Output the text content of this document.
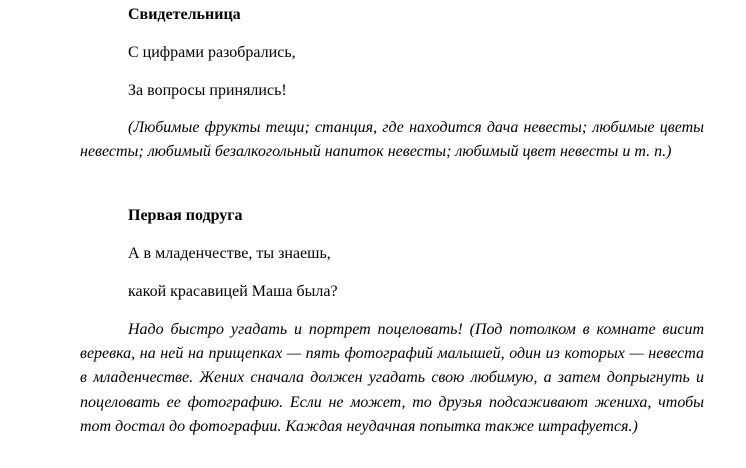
Свидетельница
С цифрами разобрались,
За вопросы принялись!
(Любимые фрукты тещи; станция, где находится дача невесты; любимые цветы невесты; любимый безалкогольный напиток невесты; любимый цвет невесты и т. п.)
Первая подруга
А в младенчестве, ты знаешь,
какой красавицей Маша была?
Надо быстро угадать и портрет поцеловать! (Под потолком в комнате висит веревка, на ней на прищепках — пять фотографий малышей, один из которых — невеста в младенчестве. Жених сначала должен угадать свою любимую, а затем допрыгнуть и поцеловать ее фотографию. Если не может, то друзья подсаживают жениха, чтобы тот достал до фотографии. Каждая неудачная попытка также штрафуется.)
